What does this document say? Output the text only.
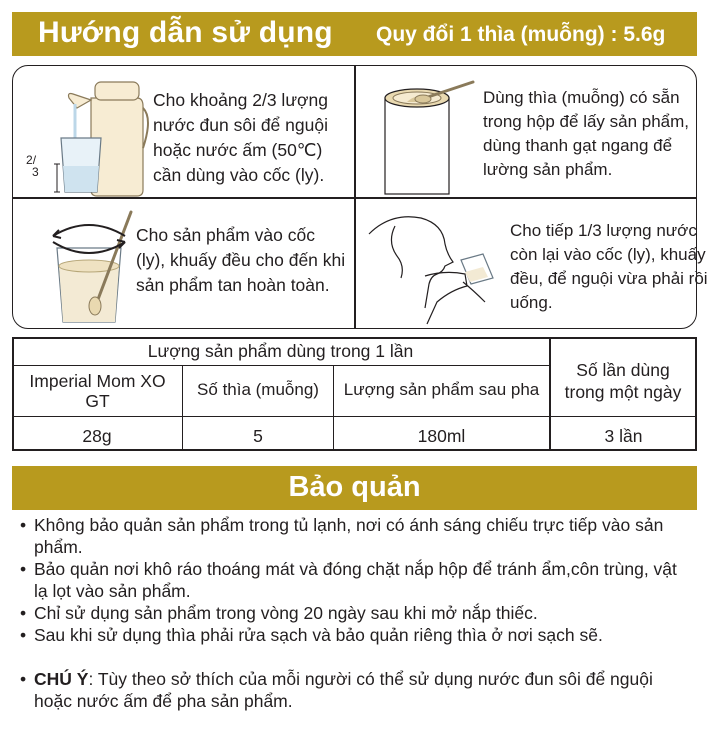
Hướng dẫn sử dụng Quy đổi 1 thìa (muỗng) : 5.6g
2/
3
Cho khoảng 2/3 lượng nước đun sôi để nguội hoặc nước ấm (50℃) cần dùng vào cốc (ly).
Dùng thìa (muỗng) có sẵn trong hộp để lấy sản phẩm, dùng thanh gạt ngang để lường sản phẩm.
Cho sản phẩm vào cốc (ly), khuấy đều cho đến khi sản phẩm tan hoàn toàn.
Cho tiếp 1/3 lượng nước còn lại vào cốc (ly), khuấy đều, để nguội vừa phải rồi uống.
Lượng sản phẩm dùng trong 1 lần
Imperial Mom XO GT
Số thìa (muỗng)	Lượng sản phẩm sau pha
Số lần dùng trong một ngày
28g	5	180ml	3 lần
Bảo quản
• Không bảo quản sản phẩm trong tủ lạnh, nơi có ánh sáng chiếu trực tiếp vào sản phẩm.
• Bảo quản nơi khô ráo thoáng mát và đóng chặt nắp hộp để tránh ẩm,côn trùng, vật lạ lọt vào sản phẩm.
• Chỉ sử dụng sản phẩm trong vòng 20 ngày sau khi mở nắp thiếc.
• Sau khi sử dụng thìa phải rửa sạch và bảo quản riêng thìa ở nơi sạch sẽ.
• CHÚ Ý: Tùy theo sở thích của mỗi người có thể sử dụng nước đun sôi để nguội hoặc nước ấm để pha sản phẩm.
